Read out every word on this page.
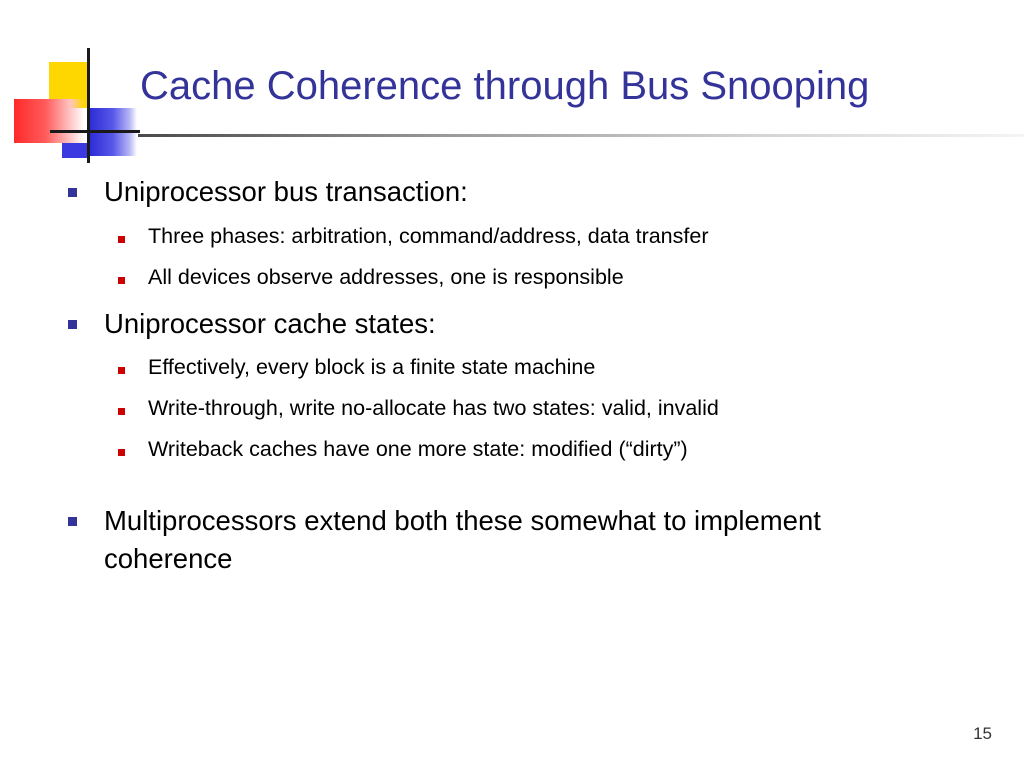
Cache Coherence through Bus Snooping

Uniprocessor bus transaction:

Three phases: arbitration, command/address, data transfer

All devices observe addresses, one is responsible

Uniprocessor cache states:

Effectively, every block is a finite state machine

Write-through, write no-allocate has two states: valid, invalid

Writeback caches have one more state: modified (“dirty”)

Multiprocessors extend both these somewhat to implement coherence

15
